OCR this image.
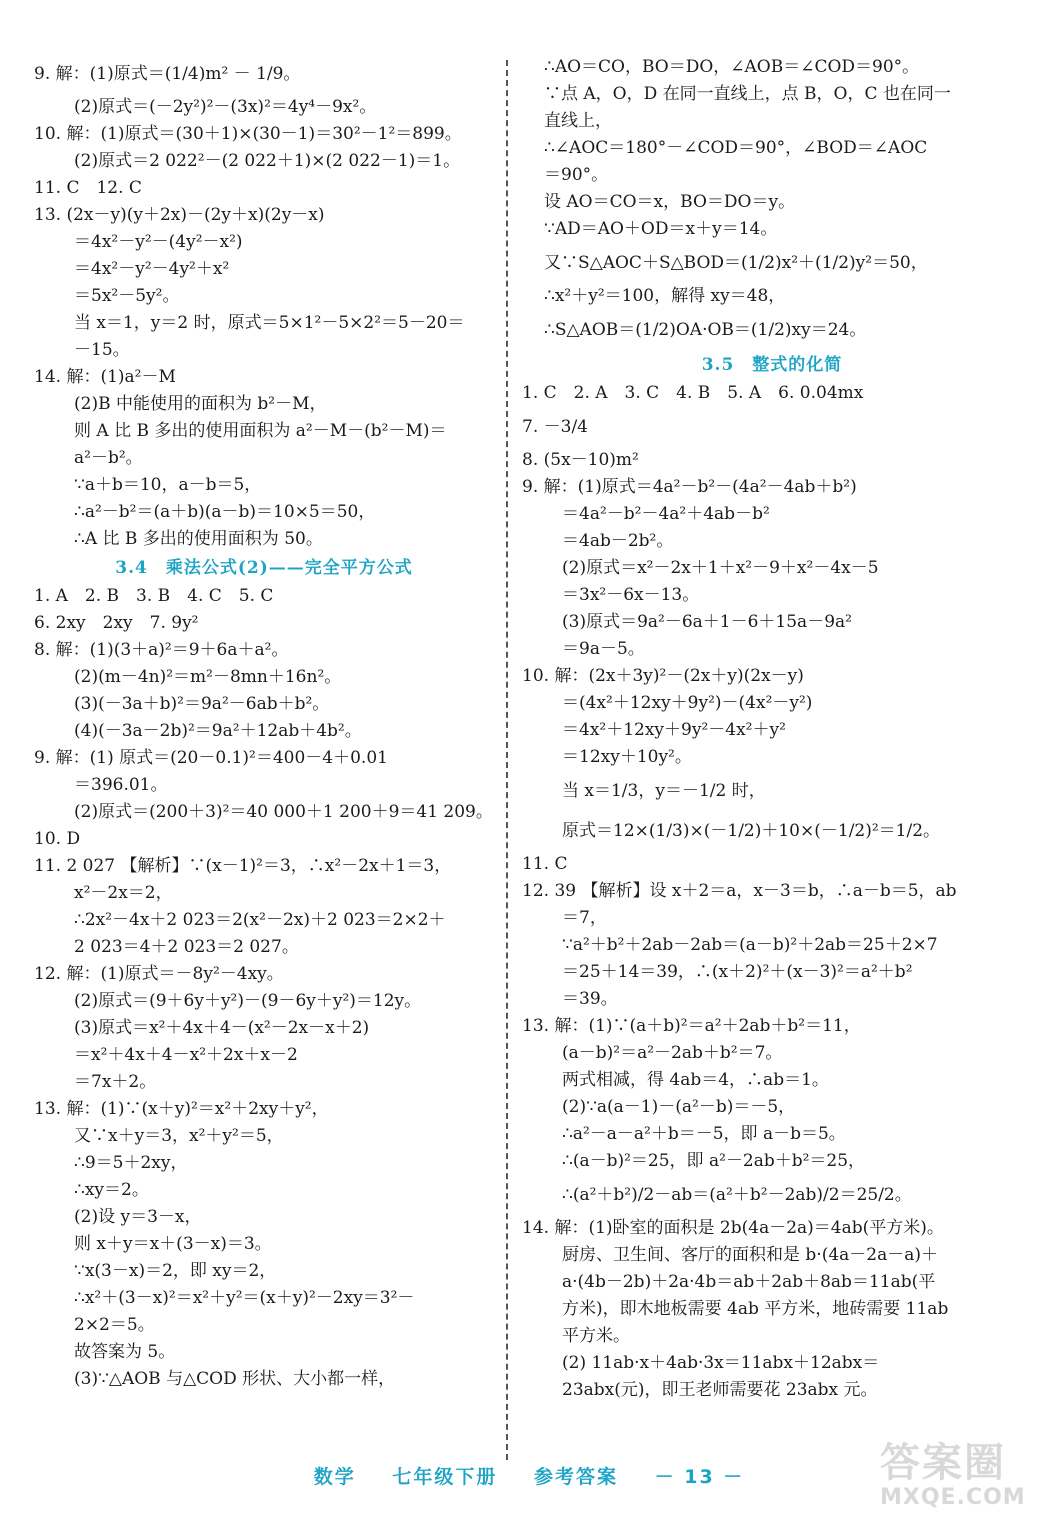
9. 解：(1)原式＝(1/4)m² － 1/9。
(2)原式＝(－2y²)²－(3x)²＝4y⁴－9x²。
10. 解：(1)原式＝(30＋1)×(30－1)＝30²－1²＝899。
(2)原式＝2 022²－(2 022＋1)×(2 022－1)＝1。
11. C　12. C
13. (2x－y)(y＋2x)－(2y＋x)(2y－x)
＝4x²－y²－(4y²－x²)
＝4x²－y²－4y²＋x²
＝5x²－5y²。
当 x＝1，y＝2 时，原式＝5×1²－5×2²＝5－20＝
－15。
14. 解：(1)a²－M
(2)B 中能使用的面积为 b²－M，
则 A 比 B 多出的使用面积为 a²－M－(b²－M)＝
a²－b²。
∵a＋b＝10，a－b＝5，
∴a²－b²＝(a＋b)(a－b)＝10×5＝50，
∴A 比 B 多出的使用面积为 50。
3.4　乘法公式(2)——完全平方公式
1. A　2. B　3. B　4. C　5. C
6. 2xy　2xy　7. 9y²
8. 解：(1)(3＋a)²＝9＋6a＋a²。
(2)(m－4n)²＝m²－8mn＋16n²。
(3)(－3a＋b)²＝9a²－6ab＋b²。
(4)(－3a－2b)²＝9a²＋12ab＋4b²。
9. 解：(1) 原式＝(20－0.1)²＝400－4＋0.01
＝396.01。
(2)原式＝(200＋3)²＝40 000＋1 200＋9＝41 209。
10. D
11. 2 027 【解析】∵(x－1)²＝3，∴x²－2x＋1＝3，
x²－2x＝2，
∴2x²－4x＋2 023＝2(x²－2x)＋2 023＝2×2＋
2 023＝4＋2 023＝2 027。
12. 解：(1)原式＝－8y²－4xy。
(2)原式＝(9＋6y＋y²)－(9－6y＋y²)＝12y。
(3)原式＝x²＋4x＋4－(x²－2x－x＋2)
＝x²＋4x＋4－x²＋2x＋x－2
＝7x＋2。
13. 解：(1)∵(x＋y)²＝x²＋2xy＋y²，
又∵x＋y＝3，x²＋y²＝5，
∴9＝5＋2xy，
∴xy＝2。
(2)设 y＝3－x，
则 x＋y＝x＋(3－x)＝3。
∵x(3－x)＝2，即 xy＝2，
∴x²＋(3－x)²＝x²＋y²＝(x＋y)²－2xy＝3²－
2×2＝5。
故答案为 5。
(3)∵△AOB 与△COD 形状、大小都一样，
∴AO＝CO，BO＝DO，∠AOB＝∠COD＝90°。
∵点 A，O，D 在同一直线上，点 B，O，C 也在同一
直线上，
∴∠AOC＝180°－∠COD＝90°，∠BOD＝∠AOC
＝90°。
设 AO＝CO＝x，BO＝DO＝y。
∵AD＝AO＋OD＝x＋y＝14。
又∵S△AOC＋S△BOD＝(1/2)x²＋(1/2)y²＝50，
∴x²＋y²＝100，解得 xy＝48，
∴S△AOB＝(1/2)OA·OB＝(1/2)xy＝24。
3.5　整式的化简
1. C　2. A　3. C　4. B　5. A　6. 0.04mx
7. －3/4
8. (5x－10)m²
9. 解：(1)原式＝4a²－b²－(4a²－4ab＋b²)
＝4a²－b²－4a²＋4ab－b²
＝4ab－2b²。
(2)原式＝x²－2x＋1＋x²－9＋x²－4x－5
＝3x²－6x－13。
(3)原式＝9a²－6a＋1－6＋15a－9a²
＝9a－5。
10. 解：(2x＋3y)²－(2x＋y)(2x－y)
＝(4x²＋12xy＋9y²)－(4x²－y²)
＝4x²＋12xy＋9y²－4x²＋y²
＝12xy＋10y²。
当 x＝1/3，y＝－1/2 时，
原式＝12×(1/3)×(－1/2)＋10×(－1/2)²＝1/2。
11. C
12. 39 【解析】设 x＋2＝a，x－3＝b，∴a－b＝5，ab
＝7，
∵a²＋b²＋2ab－2ab＝(a－b)²＋2ab＝25＋2×7
＝25＋14＝39，∴(x＋2)²＋(x－3)²＝a²＋b²
＝39。
13. 解：(1)∵(a＋b)²＝a²＋2ab＋b²＝11，
(a－b)²＝a²－2ab＋b²＝7。
两式相减，得 4ab＝4，∴ab＝1。
(2)∵a(a－1)－(a²－b)＝－5，
∴a²－a－a²＋b＝－5，即 a－b＝5。
∴(a－b)²＝25，即 a²－2ab＋b²＝25，
∴(a²＋b²)/2－ab＝(a²＋b²－2ab)/2＝25/2。
14. 解：(1)卧室的面积是 2b(4a－2a)＝4ab(平方米)。
厨房、卫生间、客厅的面积和是 b·(4a－2a－a)＋
a·(4b－2b)＋2a·4b＝ab＋2ab＋8ab＝11ab(平
方米)，即木地板需要 4ab 平方米，地砖需要 11ab
平方米。
(2) 11ab·x＋4ab·3x＝11abx＋12abx＝
23abx(元)，即王老师需要花 23abx 元。
数学 七年级下册 参考答案 － 13 －	答案圈
MXQE.COM
